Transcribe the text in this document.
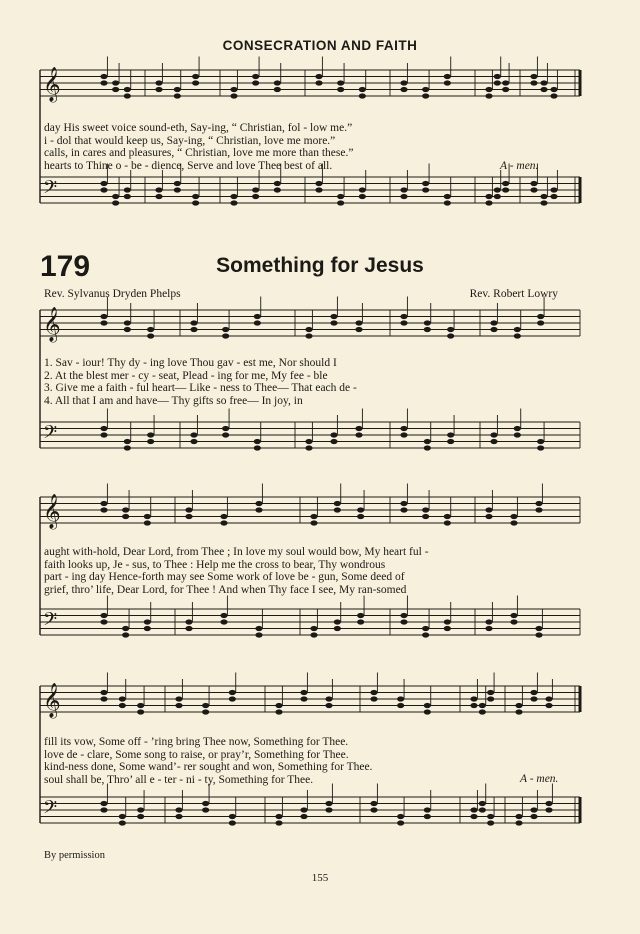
CONSECRATION AND FAITH
𝄞
𝄢
𝄞
𝄢
𝄞
𝄢
𝄞
𝄢
day His sweet voice sound-eth, Say-ing, “ Christian, fol - low me.”
i - dol that would keep us, Say-ing, “ Christian, love me more.”
calls, in cares and pleasures, “ Christian, love me more than these.”
hearts to Thine o - be - dience, Serve and love Thee best of all.	A - men.
179	Something for Jesus
Rev. Sylvanus Dryden Phelps	Rev. Robert Lowry
1. Sav - iour! Thy dy - ing love Thou gav - est me, Nor should I
2. At the blest mer - cy - seat, Plead - ing for me, My fee - ble
3. Give me a faith - ful heart— Like - ness to Thee— That each de -
4. All that I am and have— Thy gifts so free— In joy, in
aught with-hold, Dear Lord, from Thee ; In love my soul would bow, My heart ful -
faith looks up, Je - sus, to Thee : Help me the cross to bear, Thy wondrous
part - ing day Hence-forth may see Some work of love be - gun, Some deed of
grief, thro’ life, Dear Lord, for Thee ! And when Thy face I see, My ran-somed
fill its vow, Some off - ’ring bring Thee now, Something for Thee.
love de - clare, Some song to raise, or pray’r, Something for Thee.
kind-ness done, Some wand’- rer sought and won, Something for Thee.
soul shall be, Thro’ all e - ter - ni - ty, Something for Thee.	A - men.
By permission
155
